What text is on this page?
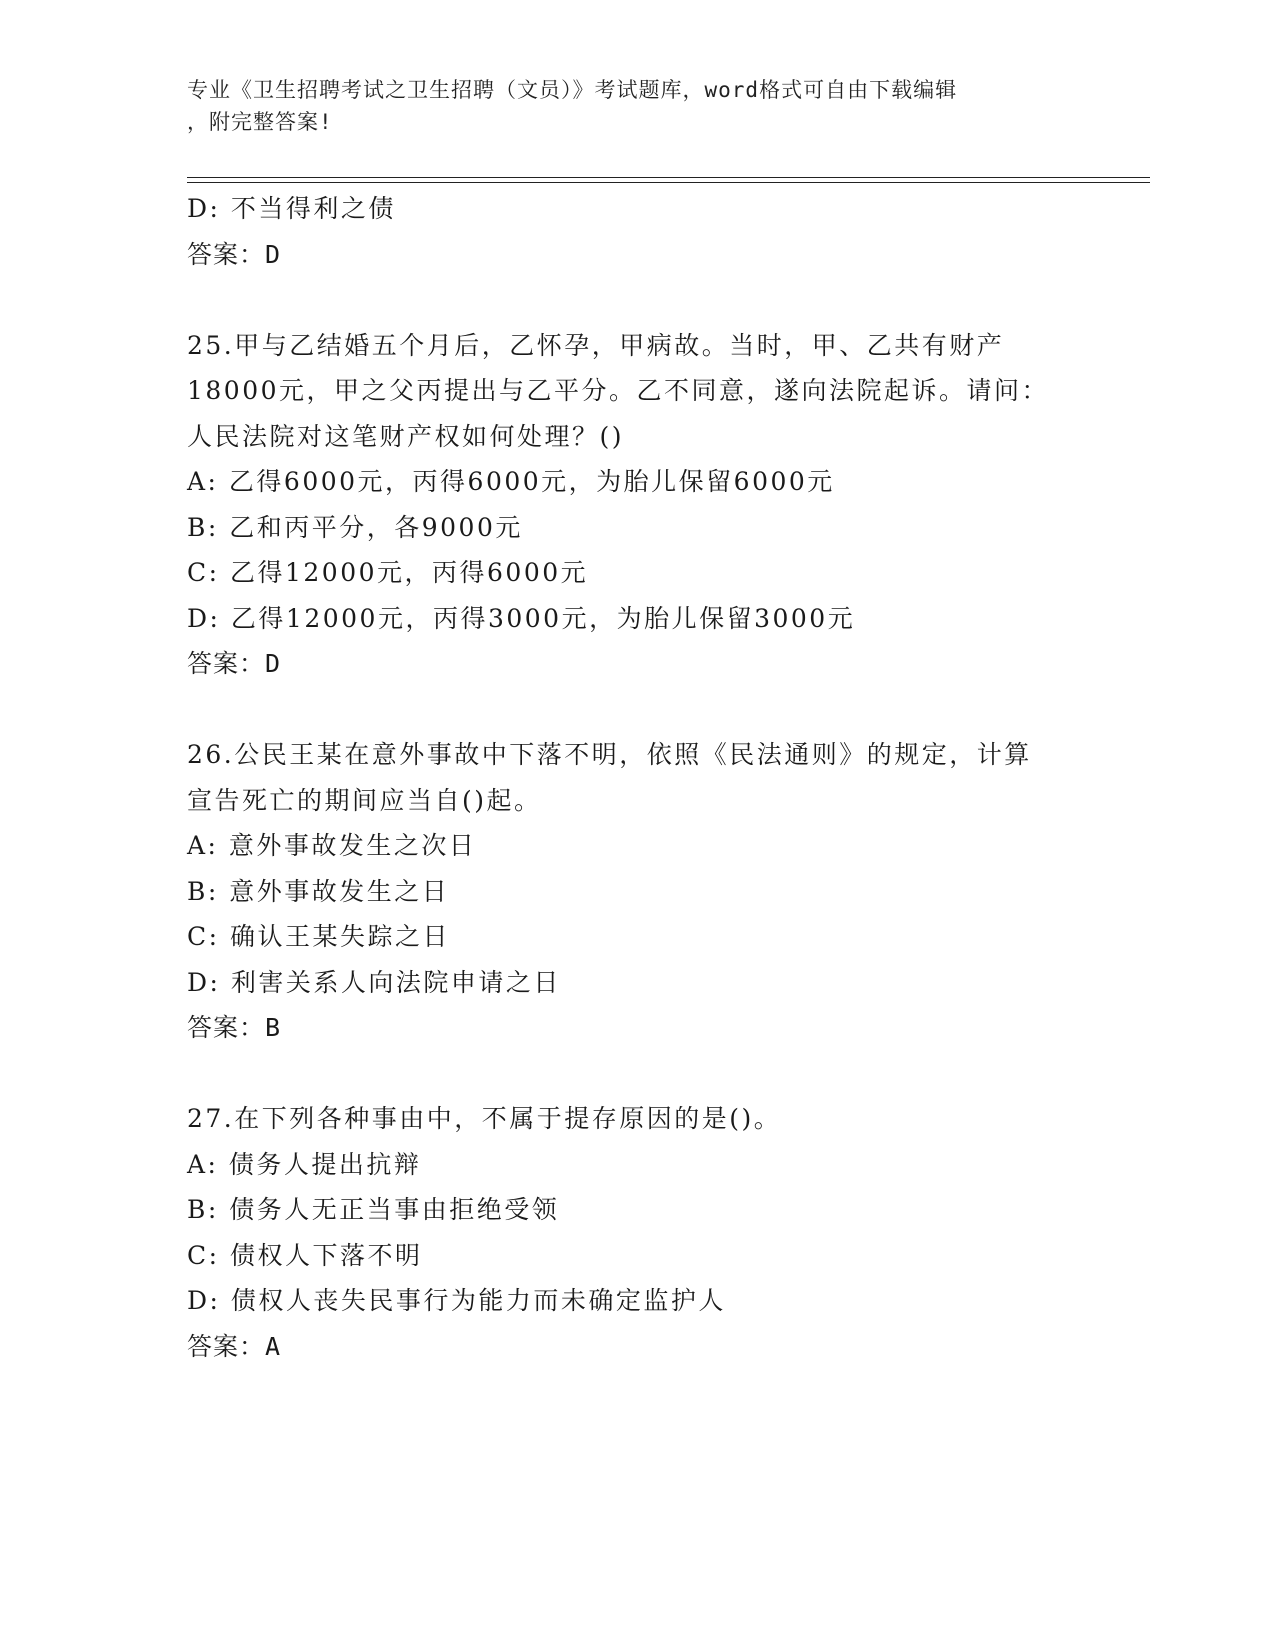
专业《卫生招聘考试之卫生招聘（文员）》考试题库，word格式可自由下载编辑
，附完整答案!
D: 不当得利之债
答案：D
25.甲与乙结婚五个月后，乙怀孕，甲病故。当时，甲、乙共有财产
18000元，甲之父丙提出与乙平分。乙不同意，遂向法院起诉。请问：
人民法院对这笔财产权如何处理？()
A: 乙得6000元，丙得6000元，为胎儿保留6000元
B: 乙和丙平分，各9000元
C: 乙得12000元，丙得6000元
D: 乙得12000元，丙得3000元，为胎儿保留3000元
答案：D
26.公民王某在意外事故中下落不明，依照《民法通则》的规定，计算
宣告死亡的期间应当自()起。
A: 意外事故发生之次日
B: 意外事故发生之日
C: 确认王某失踪之日
D: 利害关系人向法院申请之日
答案：B
27.在下列各种事由中，不属于提存原因的是()。
A: 债务人提出抗辩
B: 债务人无正当事由拒绝受领
C: 债权人下落不明
D: 债权人丧失民事行为能力而未确定监护人
答案：A
